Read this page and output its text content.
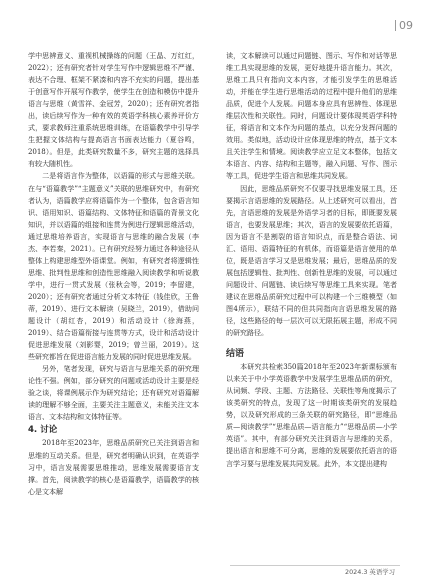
09

学中思辨意义、重视机械操练的问题（王晶、万红红，2022）；还有研究者针对学生写作中逻辑思维不严谨、表达不合理、框架不紧凑和内容不充实的问题，提出基于创意写作开展写作教学，使学生在创造和模仿中提升语言与思维（黄雪祥、金冠芳，2020）；还有研究者指出，读后续写作为一种有效的英语学科核心素养评价方式，要求教师注重系统思维训练，在语篇教学中引导学生把握文体结构与提高语言书面表达能力（夏谷鸣，2018）。但是，此类研究数量不多，研究主题的选择具有较大随机性。

二是将语言作为整体，以语篇的形式与思维关联。在与“语篇教学”“主题意义”关联的思维研究中，有研究者认为，语篇教学应将语篇作为一个整体，包含语言知识、语用知识、语篇结构、文体特征和语篇的背景文化知识，并以语篇的组接和连贯为例进行逻辑思维活动，通过思维培养语言，实现语言与思维的融合发展（李杰、李若秦，2021）。已有研究经努力通过各种途径从整体上构建思维型外语课堂。例如，有研究者将逻辑性思维、批判性思维和创造性思维融入阅读教学和听说教学中，进行一贯式发展（张秋会等，2019；李留建，2020）；还有研究者通过分析文本特征（钱佳欣，王鲁蒂，2019）、进行文本解读（吴晓兰，2019），借助问题设计（胡红杏，2019）和活动设计（徐海燕，2019）、结合语篇衔接与连贯等方式，设计和活动设计促进思维发展（刘影婴，2019；曾兰丽，2019）。这些研究都旨在促进语言能力发展的同时促进思维发展。

另外，笔者发现，研究与语言与思维关系的研究理论性不强。例如，部分研究的问题或活动设计主要是经验之谈，将课例展示作为研究结论；还有研究对语篇解读的理解不够全面，主要关注主题意义，未能关注文本语言、文本结构和文体特征等。

4. 讨论

2018年至2023年，思维品质研究已关注到语言和思维的互动关系。但是，研究者明确认识到，在英语学习中，语言发展需要思维推动，思维发展需要语言支撑。首先，阅读教学的核心是语篇教学，语篇教学的核心是文本解

读，文本解读可以通过问题链、图示、写作和对话等思维工具实现思维的发展，更好地提升语言能力。其次，思维工具只有指向文本内容，才能引发学生的思维活动，并能在学生进行思维活动的过程中提升他们的思维品质，促进个人发展。问题本身应具有思辨性、体现思维层次性和关联性。同时，问题设计要体现英语学科特征，将语言和文本作为问题的基点，以充分发挥问题的效用。类似地，活动设计应体现思维的特点，基于文本且关注学生和情境。阅读教学应立足文本整体，包括文本语言、内容、结构和主题等，融入问题、写作、图示等工具，促进学生语言和思维共同发展。

因此，思维品质研究不仅要寻找思维发展工具，还要揭示言语思维的发展路径。从上述研究可以看出，首先，言语思维的发展是外语学习者的目标，即既要发展语言，也要发展思维；其次，语言的发展要依托语篇，因为语言不是割裂的语言知识点，而是整合语法、词汇、语用、语篇特征的有机体，而语篇是语言使用的单位，既是语言学习又是思维发展；最后，思维品质的发展包括逻辑性、批判性、创新性思维的发展，可以通过问题设计、问题链、读后续写等思维工具来实现。笔者建议在思维品质研究过程中可以构建一个三维模型（如图4所示），联结不同的但共同指向言语思维发展的路径，这些路径的每一层次可以无限拓展主题，形成不同的研究路径。

结语

本研究共检索350篇2018年至2023年新课标颁布以来关于中小学英语教学中发展学生思维品质的研究，从词频、学段、主题、方法路径、关联性等角度揭示了该类研究的特点，发现了这一时期该类研究的发展趋势，以及研究形成的三条关联的研究路径，即“思维品质—阅读教学”“思维品质—语言能力”“思维品质—小学英语”。其中，有部分研究关注到语言与思维的关系，提出语言和思维不可分离，思维的发展要依托语言的语言学习要与思维发展共同发展。此外，本文提出建构

2024.3 英语学习
